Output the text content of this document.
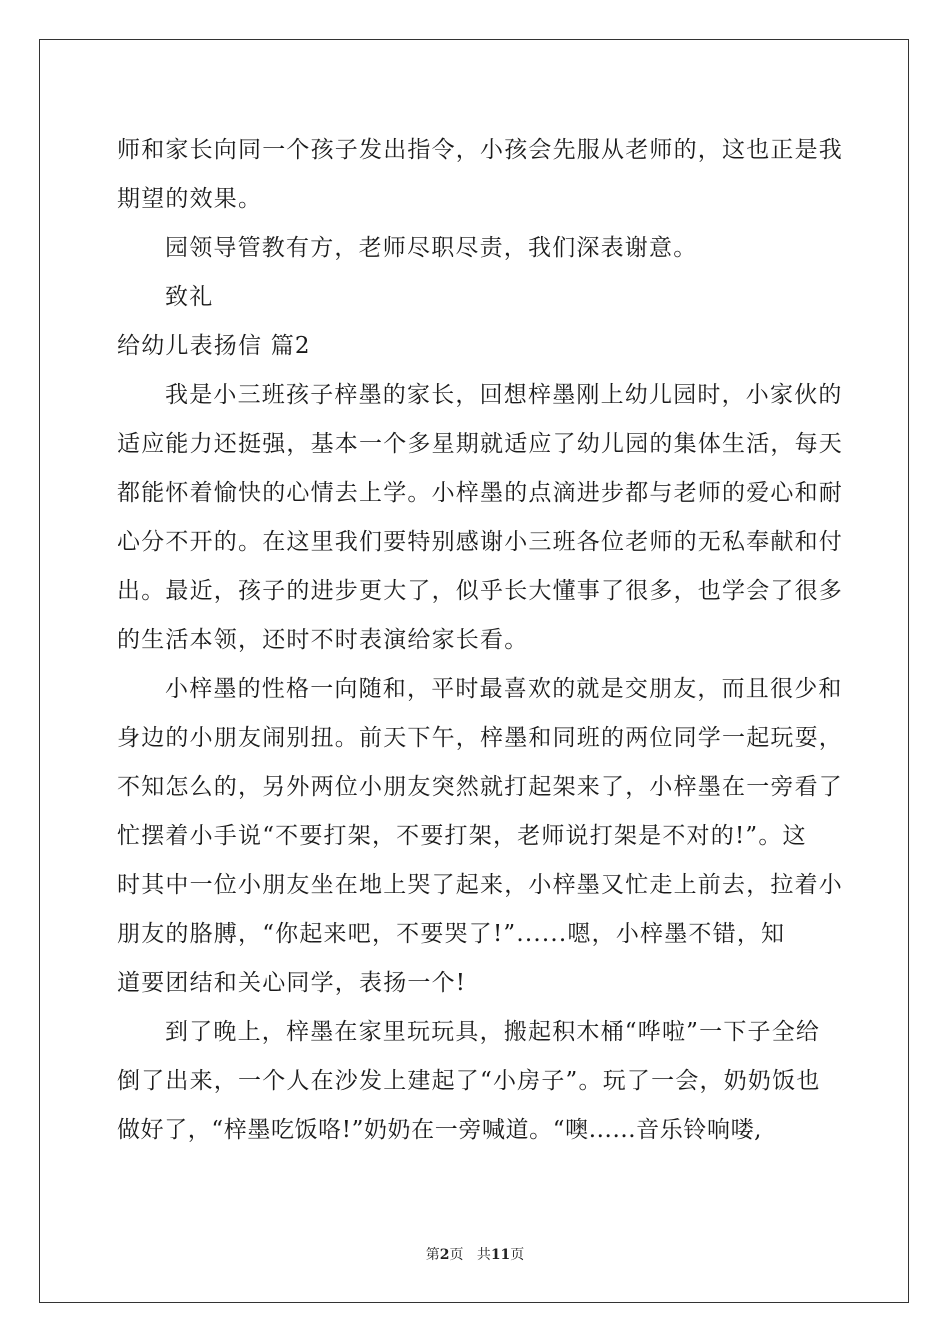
师和家长向同一个孩子发出指令，小孩会先服从老师的，这也正是我
期望的效果。
园领导管教有方，老师尽职尽责，我们深表谢意。
致礼
给幼儿表扬信 篇2
我是小三班孩子梓墨的家长，回想梓墨刚上幼儿园时，小家伙的
适应能力还挺强，基本一个多星期就适应了幼儿园的集体生活，每天
都能怀着愉快的心情去上学。小梓墨的点滴进步都与老师的爱心和耐
心分不开的。在这里我们要特别感谢小三班各位老师的无私奉献和付
出。最近，孩子的进步更大了，似乎长大懂事了很多，也学会了很多
的生活本领，还时不时表演给家长看。
小梓墨的性格一向随和，平时最喜欢的就是交朋友，而且很少和
身边的小朋友闹别扭。前天下午，梓墨和同班的两位同学一起玩耍，
不知怎么的，另外两位小朋友突然就打起架来了，小梓墨在一旁看了
忙摆着小手说“不要打架，不要打架，老师说打架是不对的!”。这
时其中一位小朋友坐在地上哭了起来，小梓墨又忙走上前去，拉着小
朋友的胳膊，“你起来吧，不要哭了!”......嗯，小梓墨不错，知
道要团结和关心同学，表扬一个!
到了晚上，梓墨在家里玩玩具，搬起积木桶“哗啦”一下子全给
倒了出来，一个人在沙发上建起了“小房子”。玩了一会，奶奶饭也
做好了，“梓墨吃饭咯!”奶奶在一旁喊道。“噢......音乐铃响喽,
第2页 共11页
